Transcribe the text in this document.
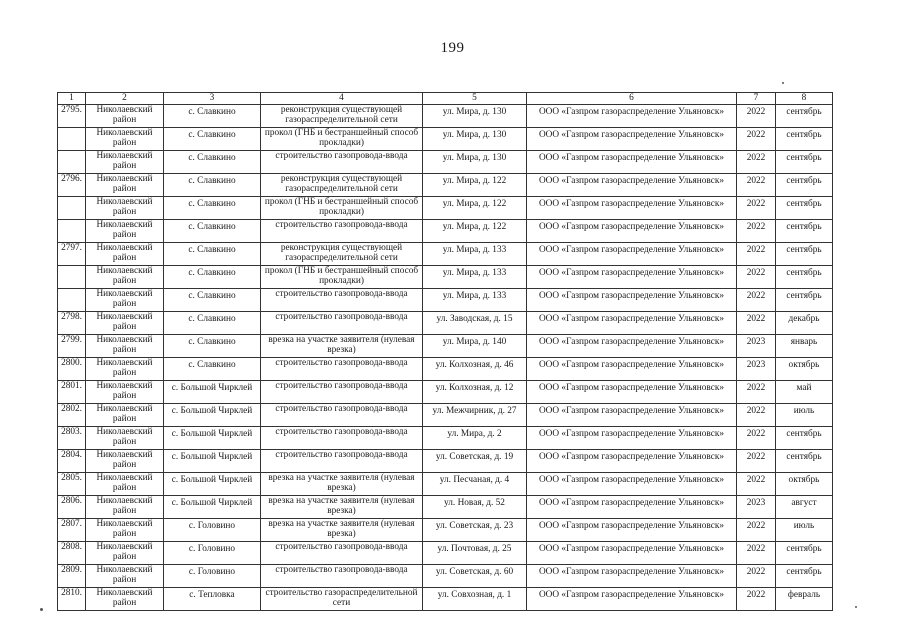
199
1	2	3	4	5	6	7	8
2795.	Николаевский район	с. Славкино	реконструкция существующей газораспределительной сети	ул. Мира, д. 130	ООО «Газпром газораспределение Ульяновск»	2022	сентябрь
	Николаевский район	с. Славкино	прокол (ГНБ и бестраншейный способ прокладки)	ул. Мира, д. 130	ООО «Газпром газораспределение Ульяновск»	2022	сентябрь
	Николаевский район	с. Славкино	строительство газопровода-ввода	ул. Мира, д. 130	ООО «Газпром газораспределение Ульяновск»	2022	сентябрь
2796.	Николаевский район	с. Славкино	реконструкция существующей газораспределительной сети	ул. Мира, д. 122	ООО «Газпром газораспределение Ульяновск»	2022	сентябрь
	Николаевский район	с. Славкино	прокол (ГНБ и бестраншейный способ прокладки)	ул. Мира, д. 122	ООО «Газпром газораспределение Ульяновск»	2022	сентябрь
	Николаевский район	с. Славкино	строительство газопровода-ввода	ул. Мира, д. 122	ООО «Газпром газораспределение Ульяновск»	2022	сентябрь
2797.	Николаевский район	с. Славкино	реконструкция существующей газораспределительной сети	ул. Мира, д. 133	ООО «Газпром газораспределение Ульяновск»	2022	сентябрь
	Николаевский район	с. Славкино	прокол (ГНБ и бестраншейный способ прокладки)	ул. Мира, д. 133	ООО «Газпром газораспределение Ульяновск»	2022	сентябрь
	Николаевский район	с. Славкино	строительство газопровода-ввода	ул. Мира, д. 133	ООО «Газпром газораспределение Ульяновск»	2022	сентябрь
2798.	Николаевский район	с. Славкино	строительство газопровода-ввода	ул. Заводская, д. 15	ООО «Газпром газораспределение Ульяновск»	2022	декабрь
2799.	Николаевский район	с. Славкино	врезка на участке заявителя (нулевая врезка)	ул. Мира, д. 140	ООО «Газпром газораспределение Ульяновск»	2023	январь
2800.	Николаевский район	с. Славкино	строительство газопровода-ввода	ул. Колхозная, д. 46	ООО «Газпром газораспределение Ульяновск»	2023	октябрь
2801.	Николаевский район	с. Большой Чирклей	строительство газопровода-ввода	ул. Колхозная, д. 12	ООО «Газпром газораспределение Ульяновск»	2022	май
2802.	Николаевский район	с. Большой Чирклей	строительство газопровода-ввода	ул. Межчирник, д. 27	ООО «Газпром газораспределение Ульяновск»	2022	июль
2803.	Николаевский район	с. Большой Чирклей	строительство газопровода-ввода	ул. Мира, д. 2	ООО «Газпром газораспределение Ульяновск»	2022	сентябрь
2804.	Николаевский район	с. Большой Чирклей	строительство газопровода-ввода	ул. Советская, д. 19	ООО «Газпром газораспределение Ульяновск»	2022	сентябрь
2805.	Николаевский район	с. Большой Чирклей	врезка на участке заявителя (нулевая врезка)	ул. Песчаная, д. 4	ООО «Газпром газораспределение Ульяновск»	2022	октябрь
2806.	Николаевский район	с. Большой Чирклей	врезка на участке заявителя (нулевая врезка)	ул. Новая, д. 52	ООО «Газпром газораспределение Ульяновск»	2023	август
2807.	Николаевский район	с. Головино	врезка на участке заявителя (нулевая врезка)	ул. Советская, д. 23	ООО «Газпром газораспределение Ульяновск»	2022	июль
2808.	Николаевский район	с. Головино	строительство газопровода-ввода	ул. Почтовая, д. 25	ООО «Газпром газораспределение Ульяновск»	2022	сентябрь
2809.	Николаевский район	с. Головино	строительство газопровода-ввода	ул. Советская, д. 60	ООО «Газпром газораспределение Ульяновск»	2022	сентябрь
2810.	Николаевский район	с. Тепловка	строительство газораспределительной сети	ул. Совхозная, д. 1	ООО «Газпром газораспределение Ульяновск»	2022	февраль
